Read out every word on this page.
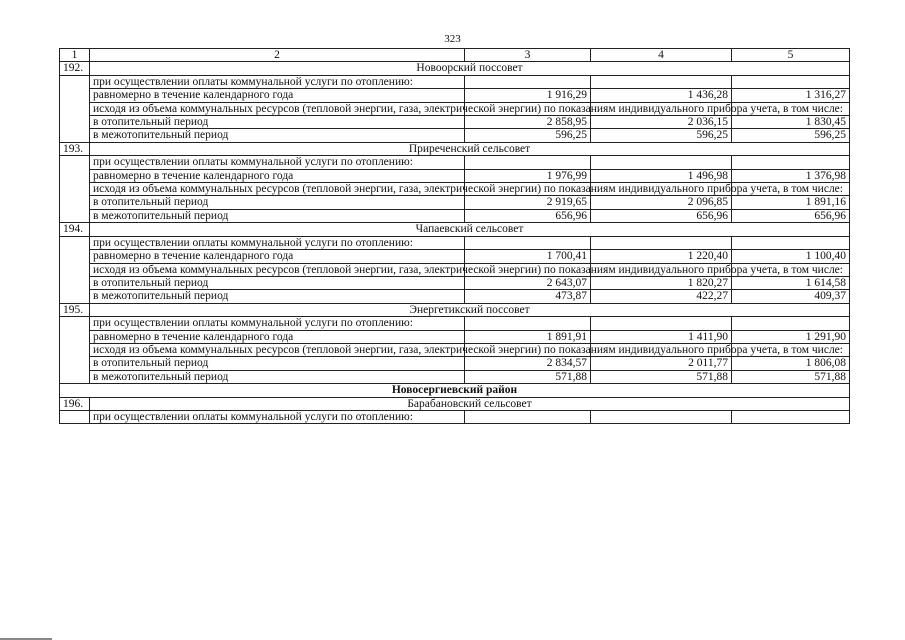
323
1	2	3	4	5
192.	Новоорский поссовет			
	при осуществлении оплаты коммунальной услуги по отоплению:			
	равномерно в течение календарного года	1 916,29	1 436,28	1 316,27
	исходя из объема коммунальных ресурсов (тепловой энергии, газа, электрической энергии) по показаниям индивидуального прибора учета, в том числе:			
	в отопительный период	2 858,95	2 036,15	1 830,45
	в межотопительный период	596,25	596,25	596,25
193.	Приреченский сельсовет			
	при осуществлении оплаты коммунальной услуги по отоплению:			
	равномерно в течение календарного года	1 976,99	1 496,98	1 376,98
	исходя из объема коммунальных ресурсов (тепловой энергии, газа, электрической энергии) по показаниям индивидуального прибора учета, в том числе:			
	в отопительный период	2 919,65	2 096,85	1 891,16
	в межотопительный период	656,96	656,96	656,96
194.	Чапаевский сельсовет			
	при осуществлении оплаты коммунальной услуги по отоплению:			
	равномерно в течение календарного года	1 700,41	1 220,40	1 100,40
	исходя из объема коммунальных ресурсов (тепловой энергии, газа, электрической энергии) по показаниям индивидуального прибора учета, в том числе:			
	в отопительный период	2 643,07	1 820,27	1 614,58
	в межотопительный период	473,87	422,27	409,37
195.	Энергетикский поссовет			
	при осуществлении оплаты коммунальной услуги по отоплению:			
	равномерно в течение календарного года	1 891,91	1 411,90	1 291,90
	исходя из объема коммунальных ресурсов (тепловой энергии, газа, электрической энергии) по показаниям индивидуального прибора учета, в том числе:			
	в отопительный период	2 834,57	2 011,77	1 806,08
	в межотопительный период	571,88	571,88	571,88
Новосергиевский район				
196.	Барабановский сельсовет			
	при осуществлении оплаты коммунальной услуги по отоплению:			
